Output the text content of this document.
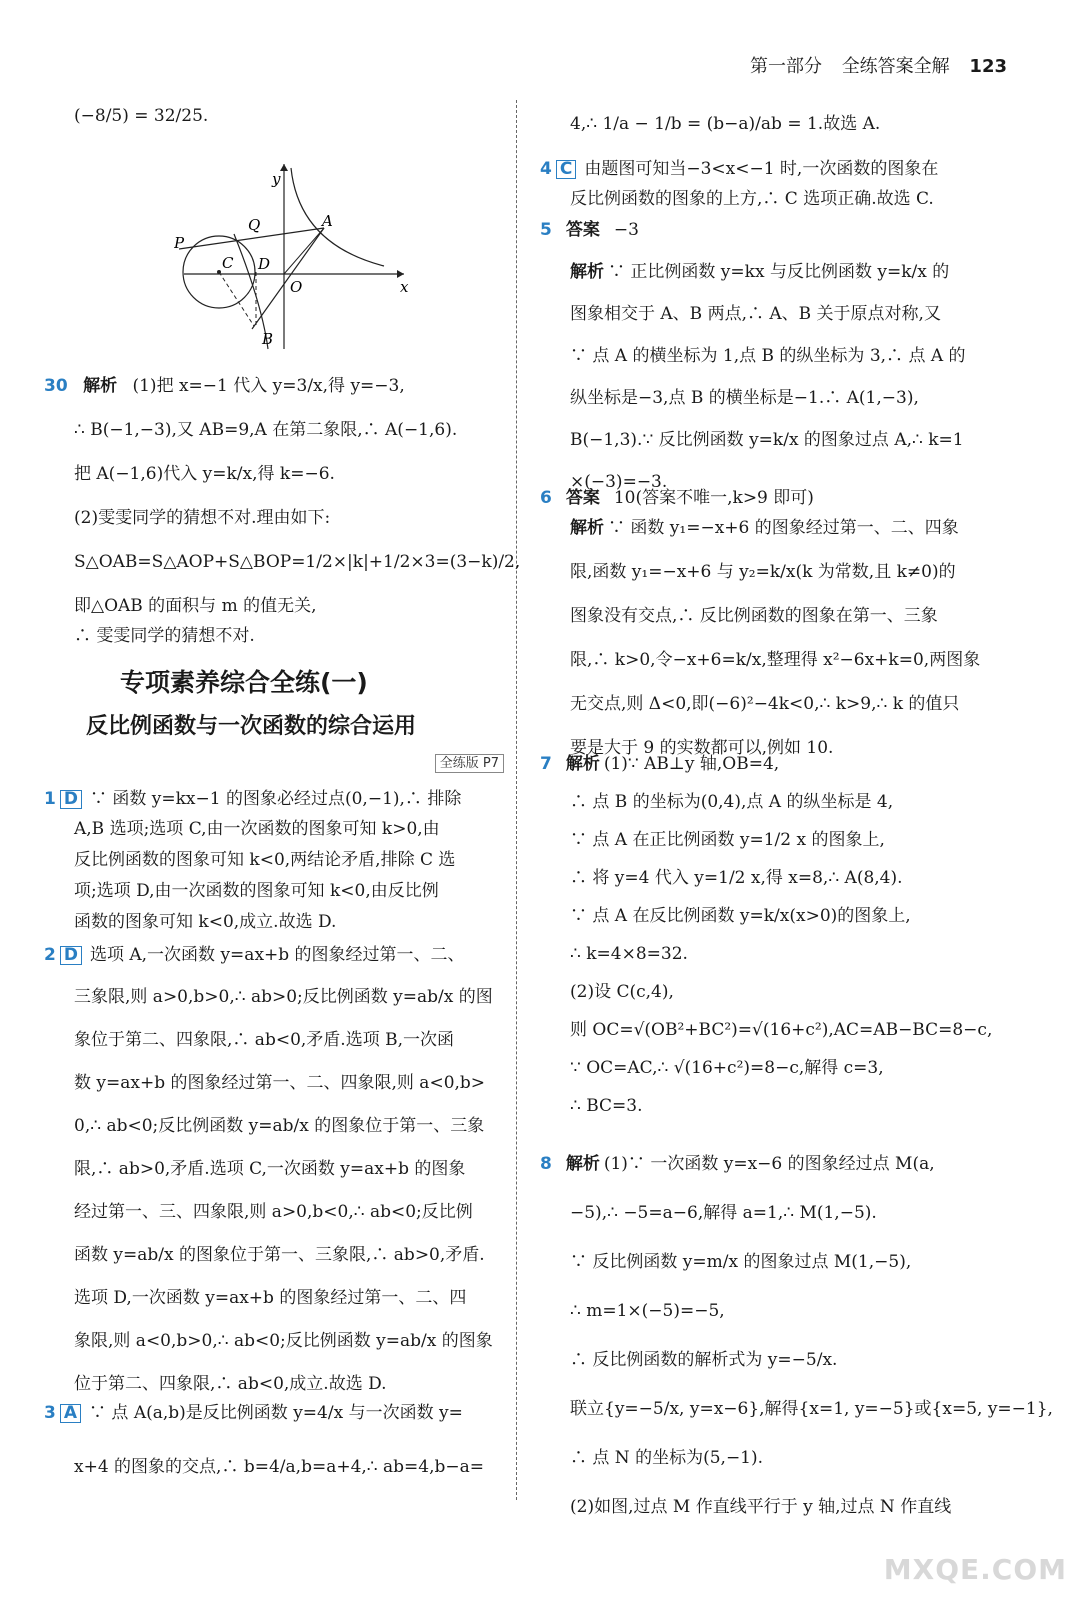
第一部分 全练答案全解 123
(−8/5) = 32/25.
y
x
O
A
B
C D
P
Q
30 解析 (1)把 x=−1 代入 y=3/x,得 y=−3,
∴ B(−1,−3),又 AB=9,A 在第二象限,∴ A(−1,6).
把 A(−1,6)代入 y=k/x,得 k=−6.
(2)雯雯同学的猜想不对.理由如下:
S△OAB=S△AOP+S△BOP=1/2×|k|+1/2×3=(3−k)/2,
即△OAB 的面积与 m 的值无关,
∴ 雯雯同学的猜想不对.
专项素养综合全练(一)
反比例函数与一次函数的综合运用
全练版 P7
1 D ∵ 函数 y=kx−1 的图象必经过点(0,−1),∴ 排除
A,B 选项;选项 C,由一次函数的图象可知 k>0,由
反比例函数的图象可知 k<0,两结论矛盾,排除 C 选
项;选项 D,由一次函数的图象可知 k<0,由反比例
函数的图象可知 k<0,成立.故选 D.
2 D 选项 A,一次函数 y=ax+b 的图象经过第一、二、
三象限,则 a>0,b>0,∴ ab>0;反比例函数 y=ab/x 的图
象位于第二、四象限,∴ ab<0,矛盾.选项 B,一次函
数 y=ax+b 的图象经过第一、二、四象限,则 a<0,b>
0,∴ ab<0;反比例函数 y=ab/x 的图象位于第一、三象
限,∴ ab>0,矛盾.选项 C,一次函数 y=ax+b 的图象
经过第一、三、四象限,则 a>0,b<0,∴ ab<0;反比例
函数 y=ab/x 的图象位于第一、三象限,∴ ab>0,矛盾.
选项 D,一次函数 y=ax+b 的图象经过第一、二、四
象限,则 a<0,b>0,∴ ab<0;反比例函数 y=ab/x 的图象
位于第二、四象限,∴ ab<0,成立.故选 D.
3 A ∵ 点 A(a,b)是反比例函数 y=4/x 与一次函数 y=
x+4 的图象的交点,∴ b=4/a,b=a+4,∴ ab=4,b−a=
4,∴ 1/a − 1/b = (b−a)/ab = 1.故选 A.
4 C 由题图可知当−3<x<−1 时,一次函数的图象在
反比例函数的图象的上方,∴ C 选项正确.故选 C.
5 答案 −3
解析 ∵ 正比例函数 y=kx 与反比例函数 y=k/x 的
图象相交于 A、B 两点,∴ A、B 关于原点对称,又
∵ 点 A 的横坐标为 1,点 B 的纵坐标为 3,∴ 点 A 的
纵坐标是−3,点 B 的横坐标是−1.∴ A(1,−3),
B(−1,3).∵ 反比例函数 y=k/x 的图象过点 A,∴ k=1
×(−3)=−3.
6 答案 10(答案不唯一,k>9 即可)
解析 ∵ 函数 y₁=−x+6 的图象经过第一、二、四象
限,函数 y₁=−x+6 与 y₂=k/x(k 为常数,且 k≠0)的
图象没有交点,∴ 反比例函数的图象在第一、三象
限,∴ k>0,令−x+6=k/x,整理得 x²−6x+k=0,两图象
无交点,则 Δ<0,即(−6)²−4k<0,∴ k>9,∴ k 的值只
要是大于 9 的实数都可以,例如 10.
7 解析 (1)∵ AB⊥y 轴,OB=4,
∴ 点 B 的坐标为(0,4),点 A 的纵坐标是 4,
∵ 点 A 在正比例函数 y=1/2 x 的图象上,
∴ 将 y=4 代入 y=1/2 x,得 x=8,∴ A(8,4).
∵ 点 A 在反比例函数 y=k/x(x>0)的图象上,
∴ k=4×8=32.
(2)设 C(c,4),
则 OC=√(OB²+BC²)=√(16+c²),AC=AB−BC=8−c,
∵ OC=AC,∴ √(16+c²)=8−c,解得 c=3,
∴ BC=3.
8 解析 (1)∵ 一次函数 y=x−6 的图象经过点 M(a,
−5),∴ −5=a−6,解得 a=1,∴ M(1,−5).
∵ 反比例函数 y=m/x 的图象过点 M(1,−5),
∴ m=1×(−5)=−5,
∴ 反比例函数的解析式为 y=−5/x.
联立{y=−5/x, y=x−6},解得{x=1, y=−5}或{x=5, y=−1},
∴ 点 N 的坐标为(5,−1).
(2)如图,过点 M 作直线平行于 y 轴,过点 N 作直线
MXQE.COM
